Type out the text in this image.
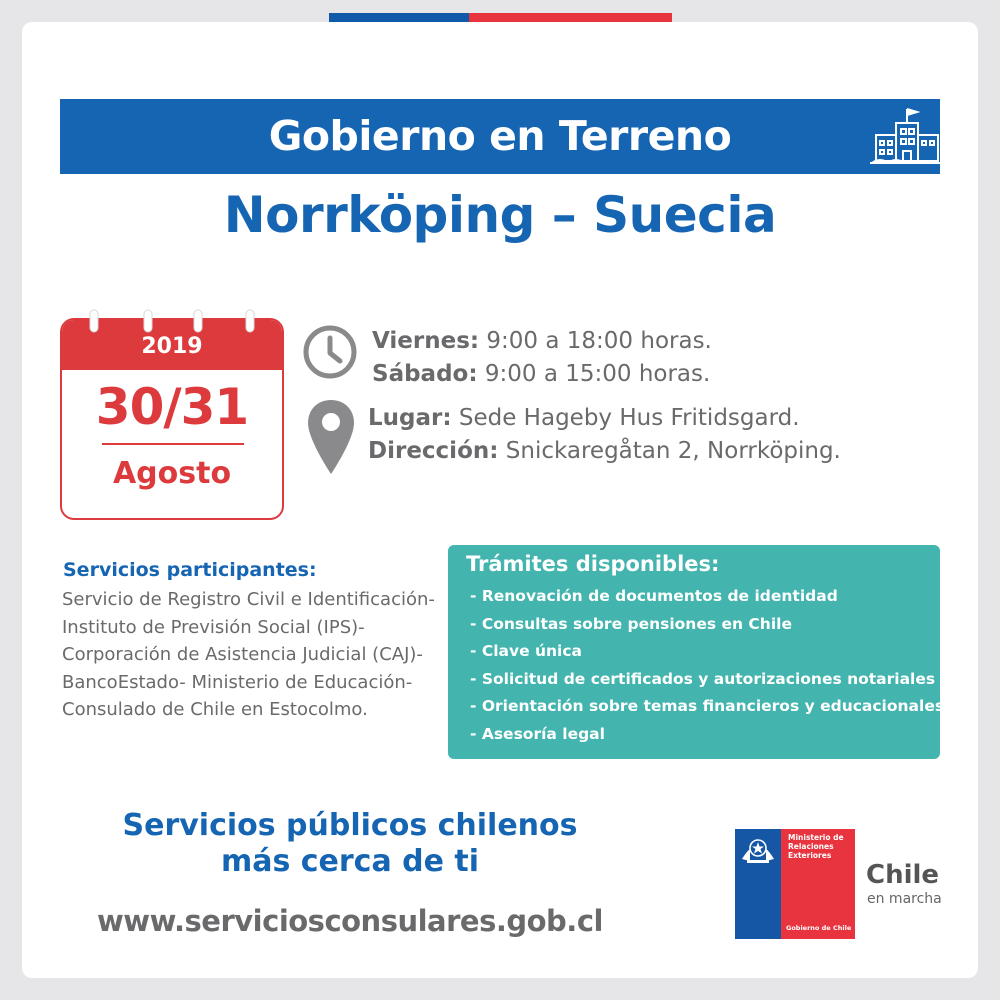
Gobierno en Terreno
Norrköping – Suecia
2019
30/31
Agosto
Viernes: 9:00 a 18:00 horas.
Sábado: 9:00 a 15:00 horas.
Lugar: Sede Hageby Hus Fritidsgard.
Dirección: Snickaregåtan 2, Norrköping.
Servicios participantes:
Servicio de Registro Civil e Identificación- Instituto de Previsión Social (IPS)- Corporación de Asistencia Judicial (CAJ)- BancoEstado- Ministerio de Educación- Consulado de Chile en Estocolmo.
Trámites disponibles:
- Renovación de documentos de identidad
- Consultas sobre pensiones en Chile
- Clave única
- Solicitud de certificados y autorizaciones notariales
- Orientación sobre temas financieros y educacionales
- Asesoría legal
Servicios públicos chilenos
más cerca de ti
www.serviciosconsulares.gob.cl
Ministerio de Relaciones Exteriores
Gobierno de Chile
Chile
en marcha
